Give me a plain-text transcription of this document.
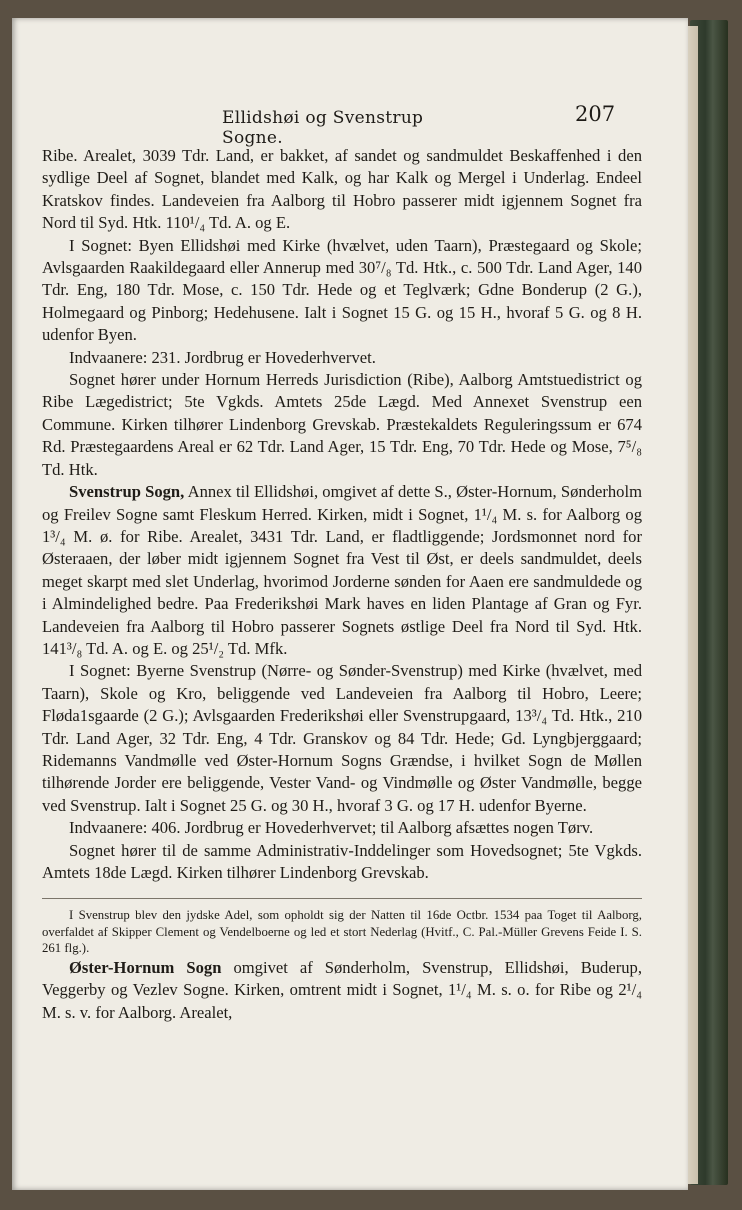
Ellidshøi og Svenstrup Sogne.
207

Ribe. Arealet, 3039 Tdr. Land, er bakket, af sandet og sandmuldet Beskaffenhed i den sydlige Deel af Sognet, blandet med Kalk, og har Kalk og Mergel i Underlag. Endeel Kratskov findes. Landeveien fra Aalborg til Hobro passerer midt igjennem Sognet fra Nord til Syd. Htk. 110¹/₄ Td. A. og E.

I Sognet: Byen Ellidshøi med Kirke (hvælvet, uden Taarn), Præstegaard og Skole; Avlsgaarden Raakildegaard eller Annerup med 30⁷/₈ Td. Htk., c. 500 Tdr. Land Ager, 140 Tdr. Eng, 180 Tdr. Mose, c. 150 Tdr. Hede og et Teglværk; Gdne Bonderup (2 G.), Holmegaard og Pinborg; Hedehusene. Ialt i Sognet 15 G. og 15 H., hvoraf 5 G. og 8 H. udenfor Byen.

Indvaanere: 231. Jordbrug er Hovederhvervet.

Sognet hører under Hornum Herreds Jurisdiction (Ribe), Aalborg Amtstuedistrict og Ribe Lægedistrict; 5te Vgkds. Amtets 25de Lægd. Med Annexet Svenstrup een Commune. Kirken tilhører Lindenborg Grevskab. Præstekaldets Reguleringssum er 674 Rd. Præstegaardens Areal er 62 Tdr. Land Ager, 15 Tdr. Eng, 70 Tdr. Hede og Mose, 7⁵/₈ Td. Htk.

Svenstrup Sogn, Annex til Ellidshøi, omgivet af dette S., Øster-Hornum, Sønderholm og Freilev Sogne samt Fleskum Herred. Kirken, midt i Sognet, 1¹/₄ M. s. for Aalborg og 1³/₄ M. ø. for Ribe. Arealet, 3431 Tdr. Land, er fladtliggende; Jordsmonnet nord for Østeraaen, der løber midt igjennem Sognet fra Vest til Øst, er deels sandmuldet, deels meget skarpt med slet Underlag, hvorimod Jorderne sønden for Aaen ere sandmuldede og i Almindelighed bedre. Paa Frederikshøi Mark haves en liden Plantage af Gran og Fyr. Landeveien fra Aalborg til Hobro passerer Sognets østlige Deel fra Nord til Syd. Htk. 141³/₈ Td. A. og E. og 25¹/₂ Td. Mfk.

I Sognet: Byerne Svenstrup (Nørre- og Sønder-Svenstrup) med Kirke (hvælvet, med Taarn), Skole og Kro, beliggende ved Landeveien fra Aalborg til Hobro, Leere; Fløda1sgaarde (2 G.); Avlsgaarden Frederikshøi eller Svenstrupgaard, 13³/₄ Td. Htk., 210 Tdr. Land Ager, 32 Tdr. Eng, 4 Tdr. Granskov og 84 Tdr. Hede; Gd. Lyngbjerggaard; Ridemanns Vandmølle ved Øster-Hornum Sogns Grændse, i hvilket Sogn de Møllen tilhørende Jorder ere beliggende, Vester Vand- og Vindmølle og Øster Vandmølle, begge ved Svenstrup. Ialt i Sognet 25 G. og 30 H., hvoraf 3 G. og 17 H. udenfor Byerne.

Indvaanere: 406. Jordbrug er Hovederhvervet; til Aalborg afsættes nogen Tørv.

Sognet hører til de samme Administrativ-Inddelinger som Hovedsognet; 5te Vgkds. Amtets 18de Lægd. Kirken tilhører Lindenborg Grevskab.

I Svenstrup blev den jydske Adel, som opholdt sig der Natten til 16de Octbr. 1534 paa Toget til Aalborg, overfaldet af Skipper Clement og Vendelboerne og led et stort Nederlag (Hvitf., C. Pal.-Müller Grevens Feide I. S. 261 flg.).

Øster-Hornum Sogn omgivet af Sønderholm, Svenstrup, Ellidshøi, Buderup, Veggerby og Vezlev Sogne. Kirken, omtrent midt i Sognet, 1¹/₄ M. s. o. for Ribe og 2¹/₄ M. s. v. for Aalborg. Arealet,
